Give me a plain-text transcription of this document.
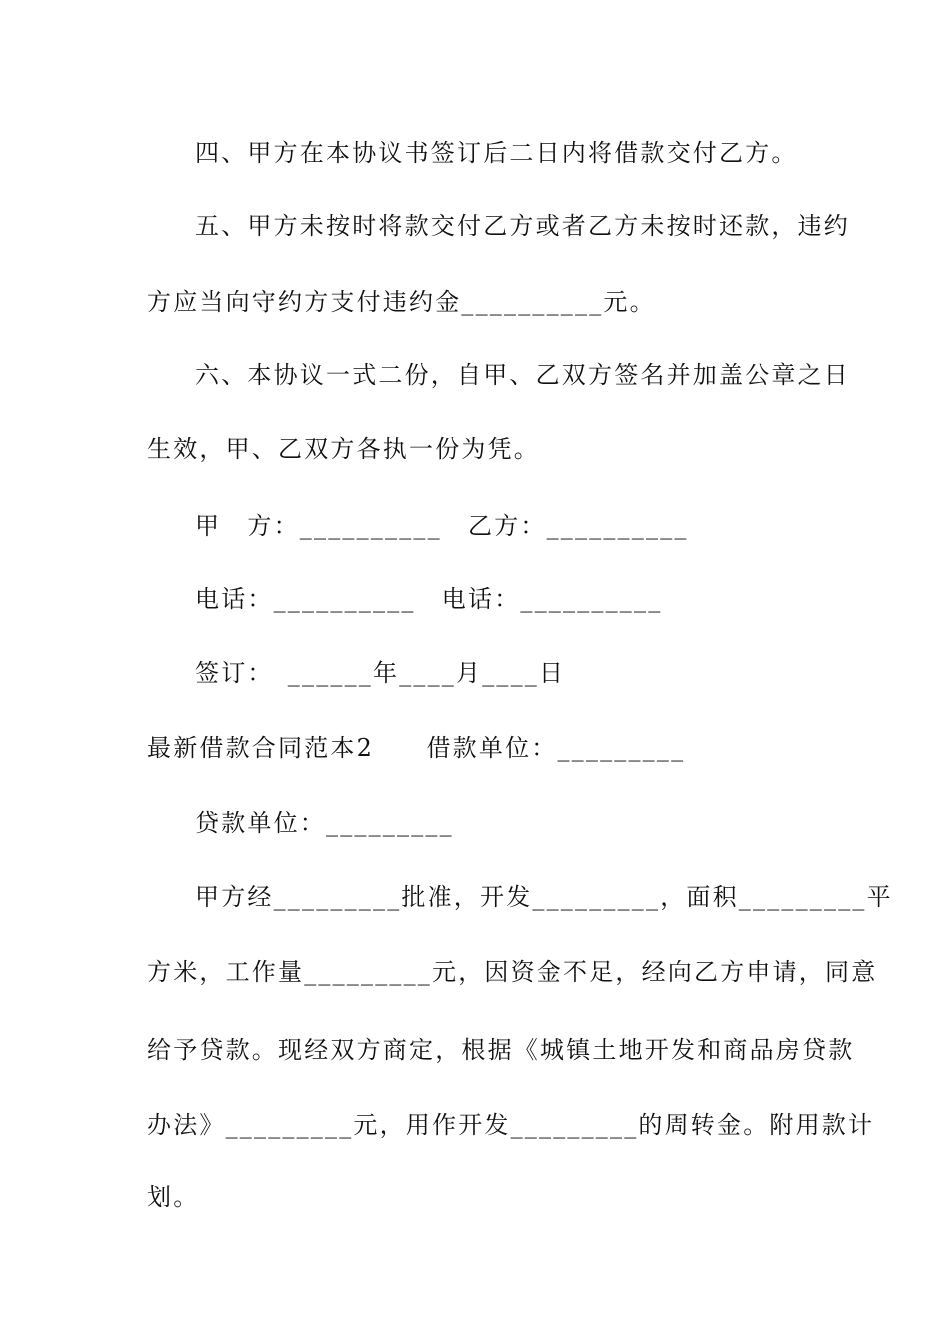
四、甲方在本协议书签订后二日内将借款交付乙方。
五、甲方未按时将款交付乙方或者乙方未按时还款，违约
方应当向守约方支付违约金__________元。
六、本协议一式二份，自甲、乙双方签名并加盖公章之日
生效，甲、乙双方各执一份为凭。
甲　方：__________　乙方：__________
电话：__________　电话：__________
签订：　______年____月____日
最新借款合同范本2　　借款单位：_________
贷款单位：_________
甲方经_________批准，开发_________，面积_________平
方米，工作量_________元，因资金不足，经向乙方申请，同意
给予贷款。现经双方商定，根据《城镇土地开发和商品房贷款
办法》_________元，用作开发_________的周转金。附用款计
划。
